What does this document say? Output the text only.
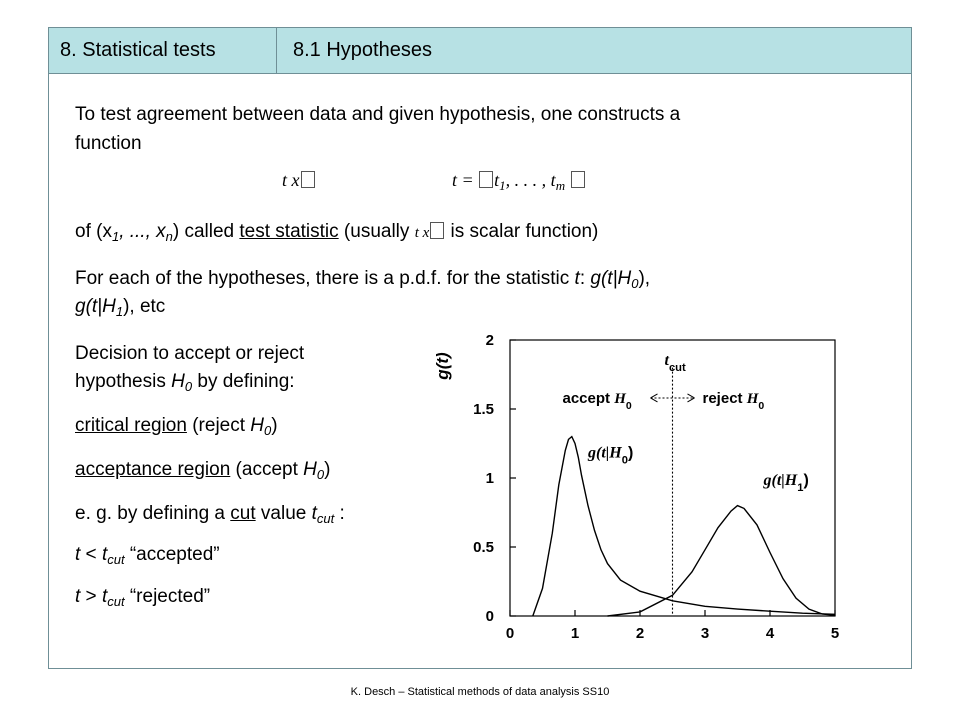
8. Statistical tests	8.1 Hypotheses
To test agreement between data and given hypothesis, one constructs a
function
t x	$t = t_1$, . . . , $t_m$
of ($x_1$, ..., $x_n$) called test statistic (usually t x is scalar function)
For each of the hypotheses, there is a p.d.f. for the statistic t: $g(t|H_0)$,
$g(t|H_1)$, etc
Decision to accept or reject
hypothesis $H_0$ by defining:
critical region (reject $H_0$)
acceptance region (accept $H_0$)
e. g. by defining a cut value $t_{cut}$ :
$t < t_{cut}$ “accepted”
$t > t_{cut}$ “rejected”
0	1	2	3	4	5
0
0.5
1
1.5
2
g(t)
$g(t|H_0)$
$g(t|H_1)$
$t_{cut}$
accept $H_0$	reject $H_0$
K. Desch – Statistical methods of data analysis SS10
